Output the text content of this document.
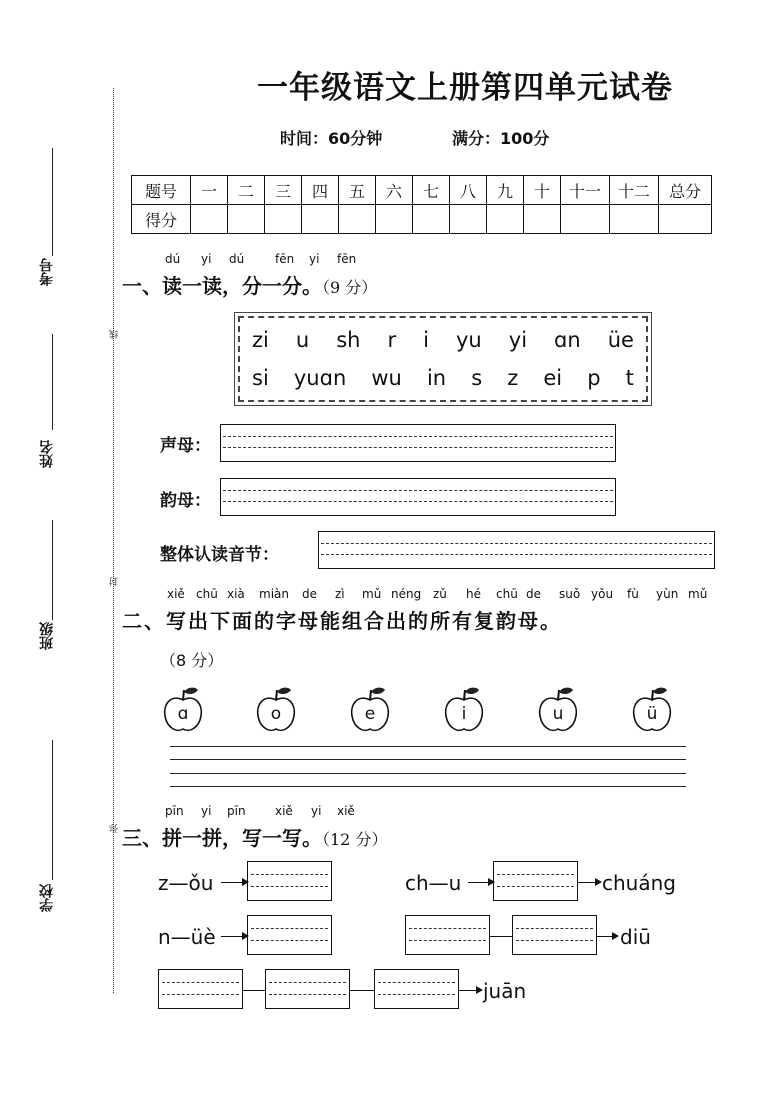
一年级语文上册第四单元试卷
时间：60分钟	满分：100分
题号	一	二	三	四	五	六	七	八	九	十	十一	十二	总分
得分													
线
封
弥
考号
姓名
班级
学校
dú yi dú	fēn yi fēn
一、读一读，分一分。（9 分）
zi u sh r i yu yi ɑn üe
si yuɑn wu in s z ei p t
声母：
韵母：
整体认读音节：
xiě chū xià miàn de zì mǔ néng zǔ hé chū de suǒ yǒu fù yùn mǔ
二、写出下面的字母能组合出的所有复韵母。
（8 分）
ɑ	o	e	i	u	ü
pīn yi pīn xiě yi xiě
三、拼一拼，写一写。（12 分）
z—ǒu	ch—u	chuáng
n—üè	diū
juān
